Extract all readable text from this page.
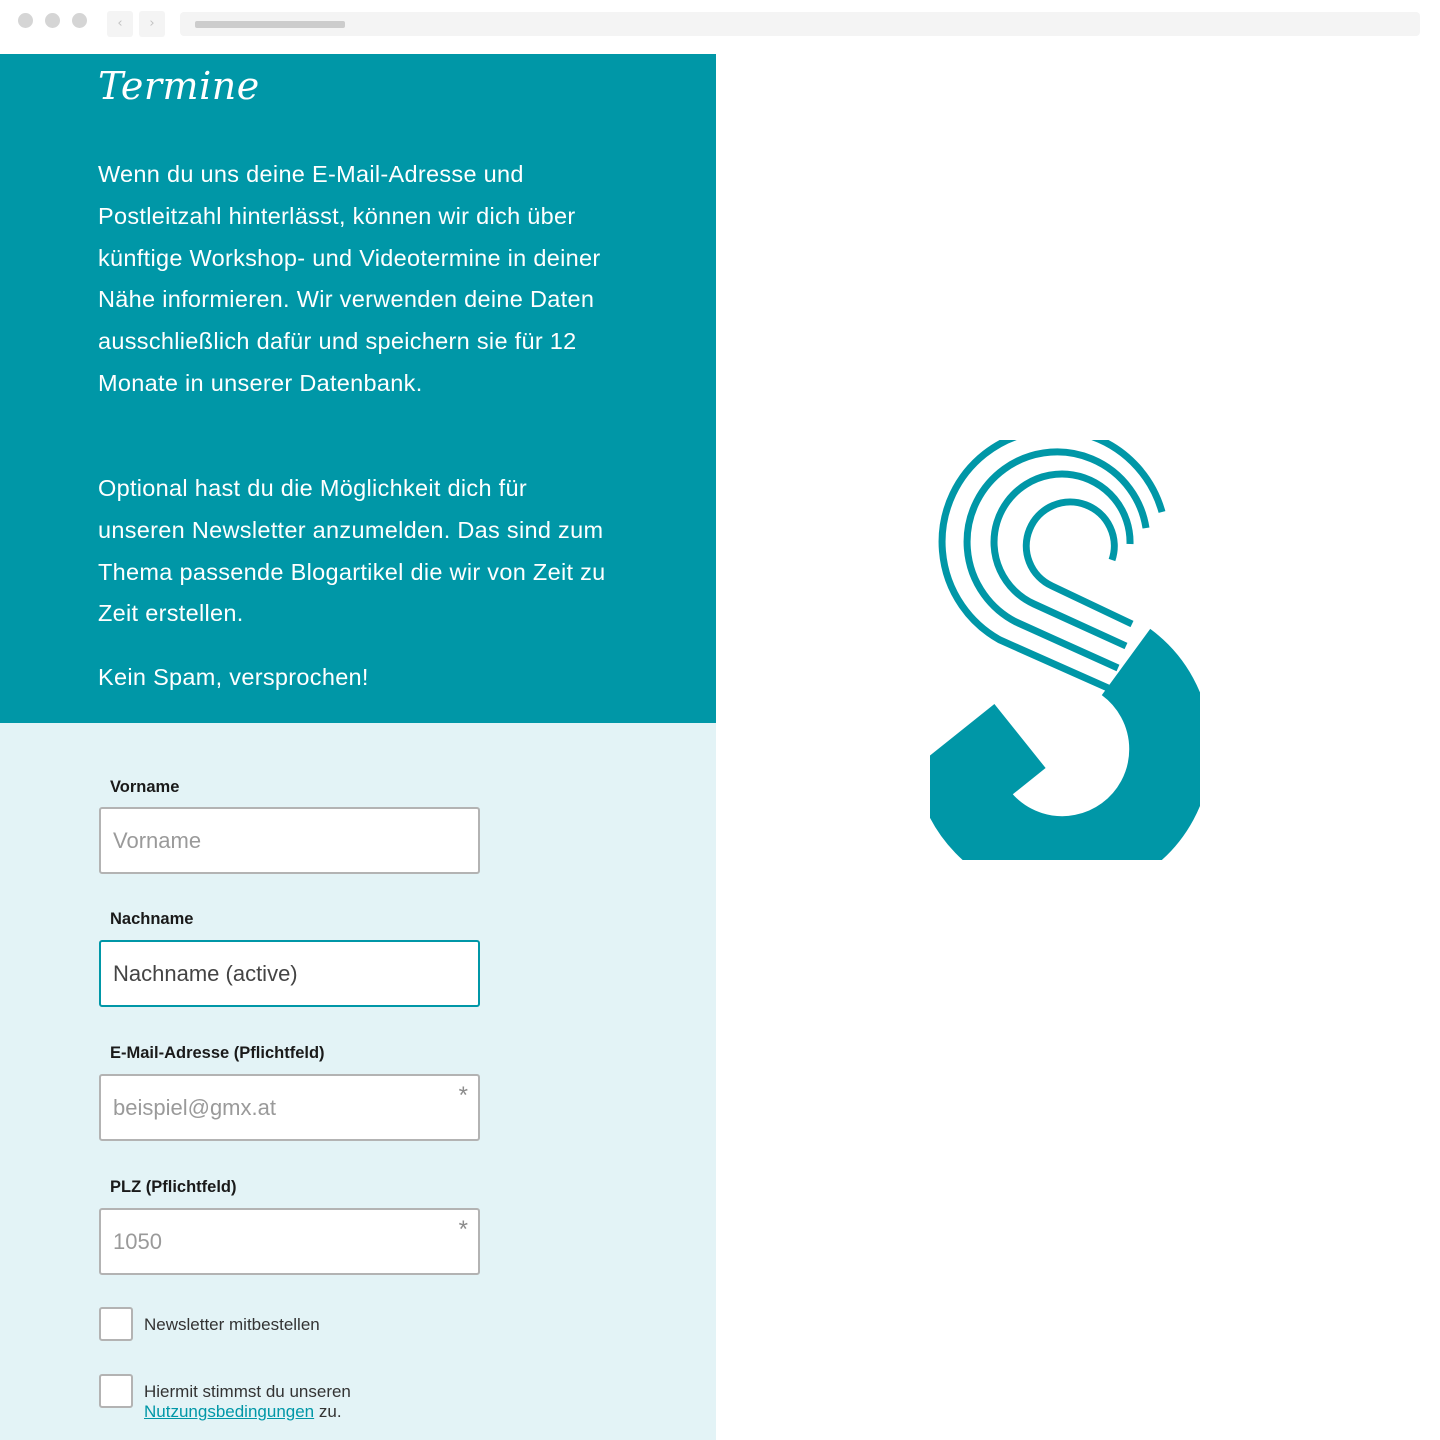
‹	›
Termine

Wenn du uns deine E-Mail-Adresse und Postleitzahl hinterlässt, können wir dich über künftige Workshop- und Videotermine in deiner Nähe informieren. Wir verwenden deine Daten ausschließlich dafür und speichern sie für 12 Monate in unserer Datenbank.

Optional hast du die Möglichkeit dich für unseren Newsletter anzumelden. Das sind zum Thema passende Blogartikel die wir von Zeit zu Zeit erstellen.

Kein Spam, versprochen!

Vorname
Vorname
Nachname
Nachname (active)
E-Mail-Adresse (Pflichtfeld)
beispiel@gmx.at
*
PLZ (Pflichtfeld)
1050
*
Newsletter mitbestellen
Hiermit stimmst du unseren
Nutzungsbedingungen zu.
